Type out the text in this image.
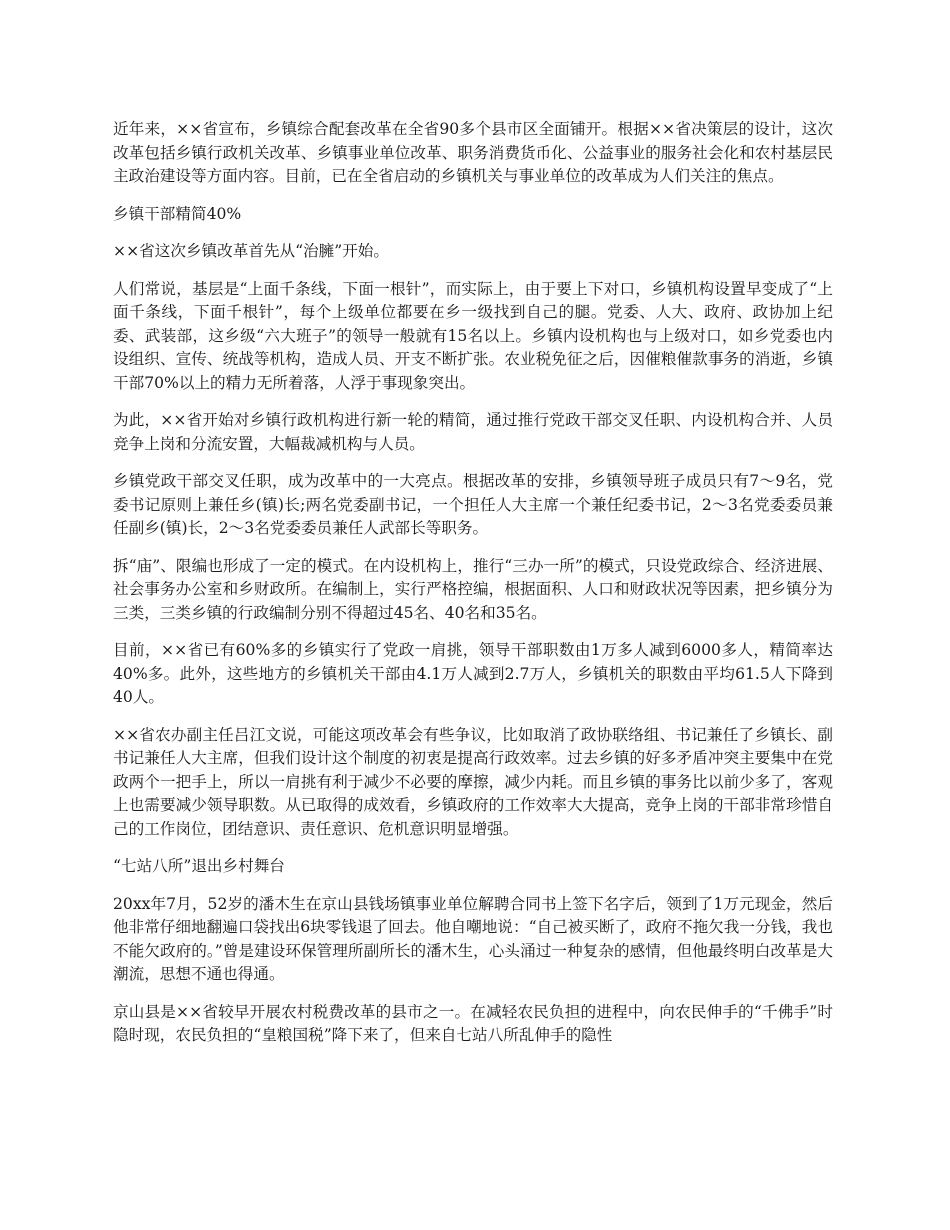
近年来，××省宣布，乡镇综合配套改革在全省90多个县市区全面铺开。根据××省决策层的设计，这次改革包括乡镇行政机关改革、乡镇事业单位改革、职务消费货币化、公益事业的服务社会化和农村基层民主政治建设等方面内容。目前，已在全省启动的乡镇机关与事业单位的改革成为人们关注的焦点。

乡镇干部精简40%

××省这次乡镇改革首先从“治臃”开始。

人们常说，基层是“上面千条线，下面一根针”，而实际上，由于要上下对口，乡镇机构设置早变成了“上面千条线，下面千根针”，每个上级单位都要在乡一级找到自己的腿。党委、人大、政府、政协加上纪委、武装部，这乡级“六大班子”的领导一般就有15名以上。乡镇内设机构也与上级对口，如乡党委也内设组织、宣传、统战等机构，造成人员、开支不断扩张。农业税免征之后，因催粮催款事务的消逝，乡镇干部70%以上的精力无所着落，人浮于事现象突出。

为此，××省开始对乡镇行政机构进行新一轮的精简，通过推行党政干部交叉任职、内设机构合并、人员竞争上岗和分流安置，大幅裁减机构与人员。

乡镇党政干部交叉任职，成为改革中的一大亮点。根据改革的安排，乡镇领导班子成员只有7～9名，党委书记原则上兼任乡(镇)长;两名党委副书记，一个担任人大主席一个兼任纪委书记，2～3名党委委员兼任副乡(镇)长，2～3名党委委员兼任人武部长等职务。

拆“庙”、限编也形成了一定的模式。在内设机构上，推行“三办一所”的模式，只设党政综合、经济进展、社会事务办公室和乡财政所。在编制上，实行严格控编，根据面积、人口和财政状况等因素，把乡镇分为三类，三类乡镇的行政编制分别不得超过45名、40名和35名。

目前，××省已有60%多的乡镇实行了党政一肩挑，领导干部职数由1万多人减到6000多人，精简率达40%多。此外，这些地方的乡镇机关干部由4.1万人减到2.7万人，乡镇机关的职数由平均61.5人下降到40人。

××省农办副主任吕江文说，可能这项改革会有些争议，比如取消了政协联络组、书记兼任了乡镇长、副书记兼任人大主席，但我们设计这个制度的初衷是提高行政效率。过去乡镇的好多矛盾冲突主要集中在党政两个一把手上，所以一肩挑有利于减少不必要的摩擦，减少内耗。而且乡镇的事务比以前少多了，客观上也需要减少领导职数。从已取得的成效看，乡镇政府的工作效率大大提高，竞争上岗的干部非常珍惜自己的工作岗位，团结意识、责任意识、危机意识明显增强。

“七站八所”退出乡村舞台

20xx年7月，52岁的潘木生在京山县钱场镇事业单位解聘合同书上签下名字后，领到了1万元现金，然后他非常仔细地翻遍口袋找出6块零钱退了回去。他自嘲地说：“自己被买断了，政府不拖欠我一分钱，我也不能欠政府的。”曾是建设环保管理所副所长的潘木生，心头涌过一种复杂的感情，但他最终明白改革是大潮流，思想不通也得通。

京山县是××省较早开展农村税费改革的县市之一。在减轻农民负担的进程中，向农民伸手的“千佛手”时隐时现，农民负担的“皇粮国税”降下来了，但来自七站八所乱伸手的隐性
